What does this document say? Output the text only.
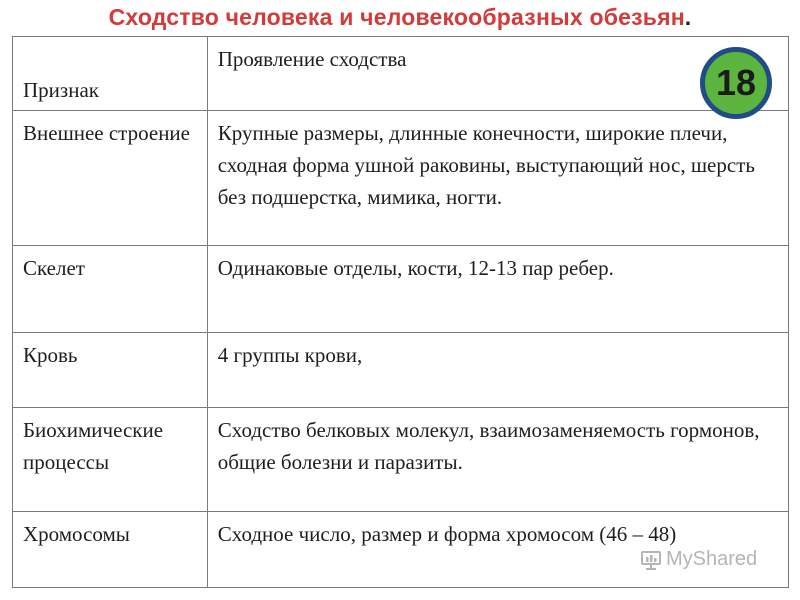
Сходство человека и человекообразных обезьян.
Признак	Проявление сходства
Внешнее строение	Крупные размеры, длинные конечности, широкие плечи, сходная форма ушной раковины, выступающий нос, шерсть без подшерстка, мимика, ногти.
Скелет	Одинаковые отделы, кости, 12-13 пар ребер.
Кровь	4 группы крови,
Биохимические процессы	Сходство белковых молекул, взаимозаменяемость гормонов, общие болезни и паразиты.
Хромосомы	Сходное число, размер и форма хромосом (46 – 48)
18
MyShared
